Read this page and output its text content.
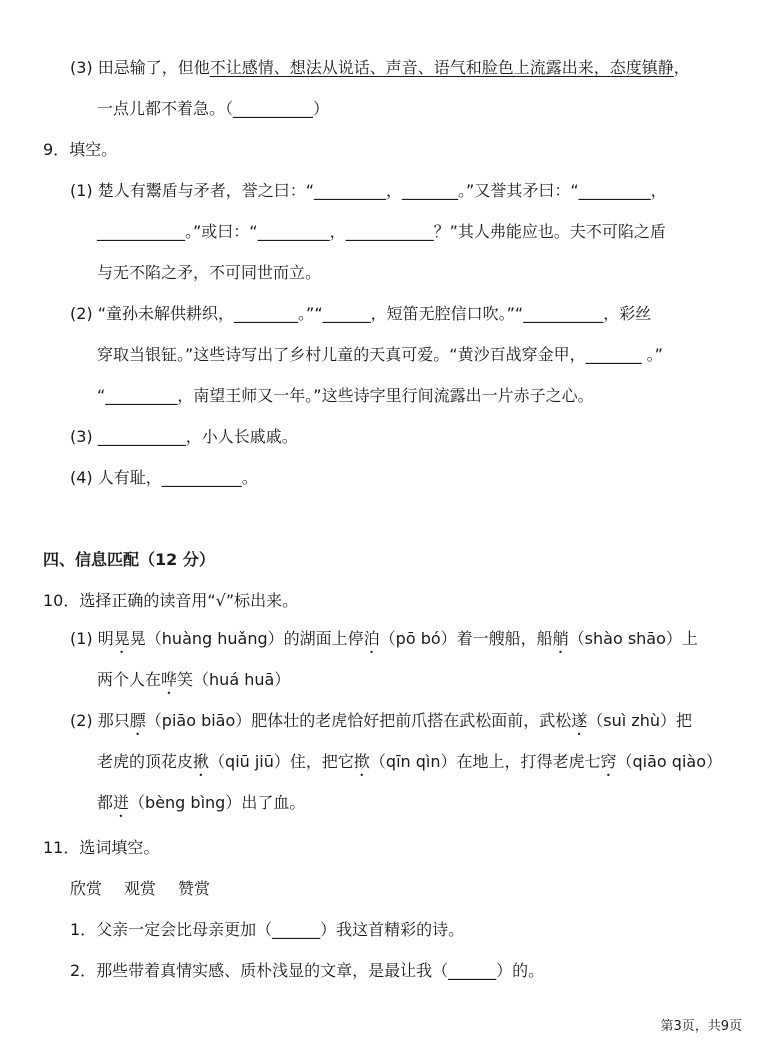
(3) 田忌输了，但他不让感情、想法从说话、声音、语气和脸色上流露出来，态度镇静，
一点儿都不着急。（__________）
9．填空。
(1) 楚人有鬻盾与矛者，誉之曰：“_________，_______。”又誉其矛曰：“_________，
___________。”或曰：“_________，___________？”其人弗能应也。夫不可陷之盾
与无不陷之矛，不可同世而立。
(2) “童孙未解供耕织，________。”“______，短笛无腔信口吹。”“__________，彩丝
穿取当银钲。”这些诗写出了乡村儿童的天真可爱。“黄沙百战穿金甲，_______ 。”
“_________，南望王师又一年。”这些诗字里行间流露出一片赤子之心。
(3) ___________，小人长戚戚。
(4) 人有耻，__________。
四、信息匹配（12 分）
10．选择正确的读音用“√”标出来。
(1) 明晃晃（huàng huǎng）的湖面上停泊（pō bó）着一艘船，船艄（shào shāo）上
两个人在哗笑（huá huā）
(2) 那只膘（piāo biāo）肥体壮的老虎恰好把前爪搭在武松面前，武松遂（suì zhù）把
老虎的顶花皮揪（qiū jiū）住，把它揿（qīn qìn）在地上，打得老虎七窍（qiāo qiào）
都迸（bèng bìng）出了血。
11．选词填空。
欣赏 观赏 赞赏
1．父亲一定会比母亲更加（______）我这首精彩的诗。
2．那些带着真情实感、质朴浅显的文章，是最让我（______）的。
第3页，共9页
